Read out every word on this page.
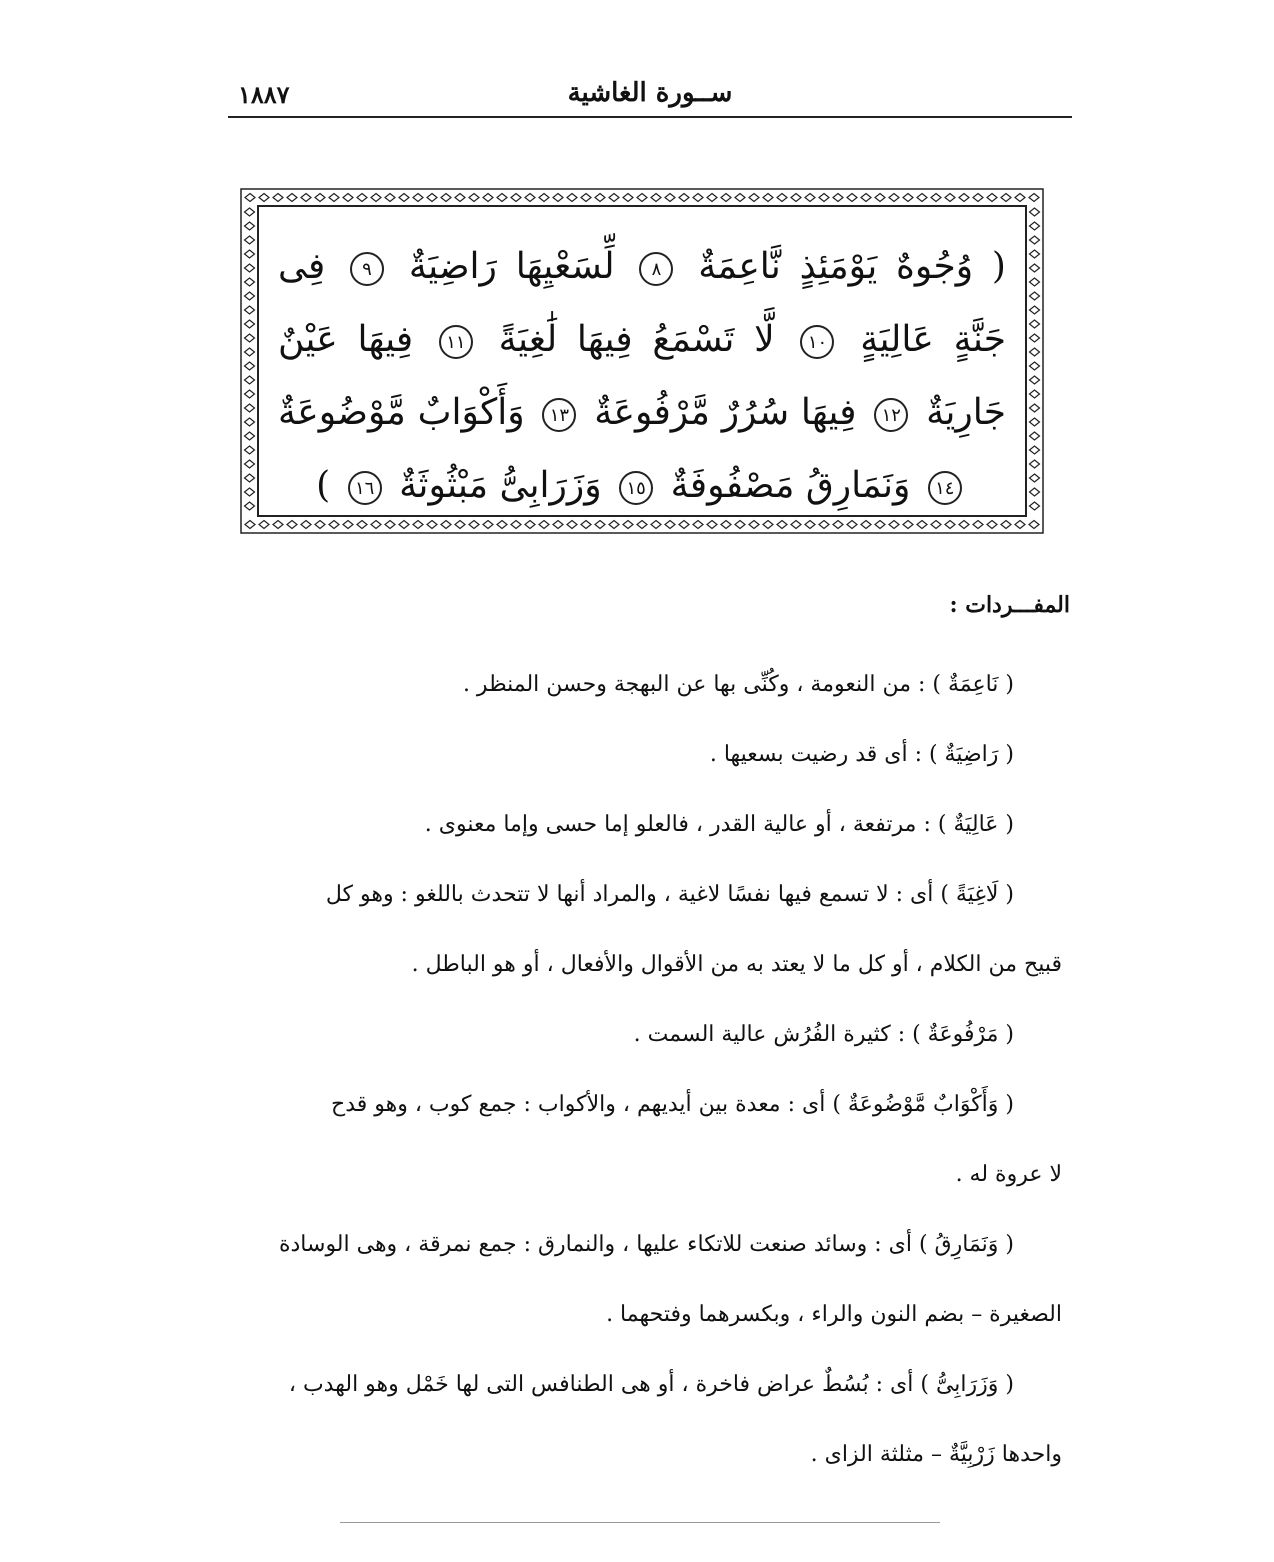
ســورة الغاشية
١٨٨٧
( وُجُوهٌ يَوْمَئِذٍ نَّاعِمَةٌ ٨ لِّسَعْيِهَا رَاضِيَةٌ ٩ فِى جَنَّةٍ عَالِيَةٍ ١٠ لَّا تَسْمَعُ فِيهَا لَٰغِيَةً ١١ فِيهَا عَيْنٌ جَارِيَةٌ ١٢ فِيهَا سُرُرٌ مَّرْفُوعَةٌ ١٣ وَأَكْوَابٌ مَّوْضُوعَةٌ ١٤ وَنَمَارِقُ مَصْفُوفَةٌ ١٥ وَزَرَابِىُّ مَبْثُوثَةٌ ١٦ )
المفـــردات :

( نَاعِمَةٌ ) : من النعومة ، وكُنِّى بها عن البهجة وحسن المنظر .

( رَاضِيَةٌ ) : أى قد رضيت بسعيها .

( عَالِيَةٌ ) : مرتفعة ، أو عالية القدر ، فالعلو إما حسى وإما معنوى .

( لَاغِيَةً ) أى : لا تسمع فيها نفسًا لاغية ، والمراد أنها لا تتحدث باللغو : وهو كل

قبيح من الكلام ، أو كل ما لا يعتد به من الأقوال والأفعال ، أو هو الباطل .

( مَرْفُوعَةٌ ) : كثيرة الفُرُش عالية السمت .

( وَأَكْوَابٌ مَّوْضُوعَةٌ ) أى : معدة بين أيديهم ، والأكواب : جمع كوب ، وهو قدح

لا عروة له .

( وَنَمَارِقُ ) أى : وسائد صنعت للاتكاء عليها ، والنمارق : جمع نمرقة ، وهى الوسادة

الصغيرة – بضم النون والراء ، وبكسرهما وفتحهما .

( وَزَرَابِىُّ ) أى : بُسُطٌ عراض فاخرة ، أو هى الطنافس التى لها خَمْل وهو الهدب ،

واحدها زَرْبِيَّةٌ – مثلثة الزاى .
